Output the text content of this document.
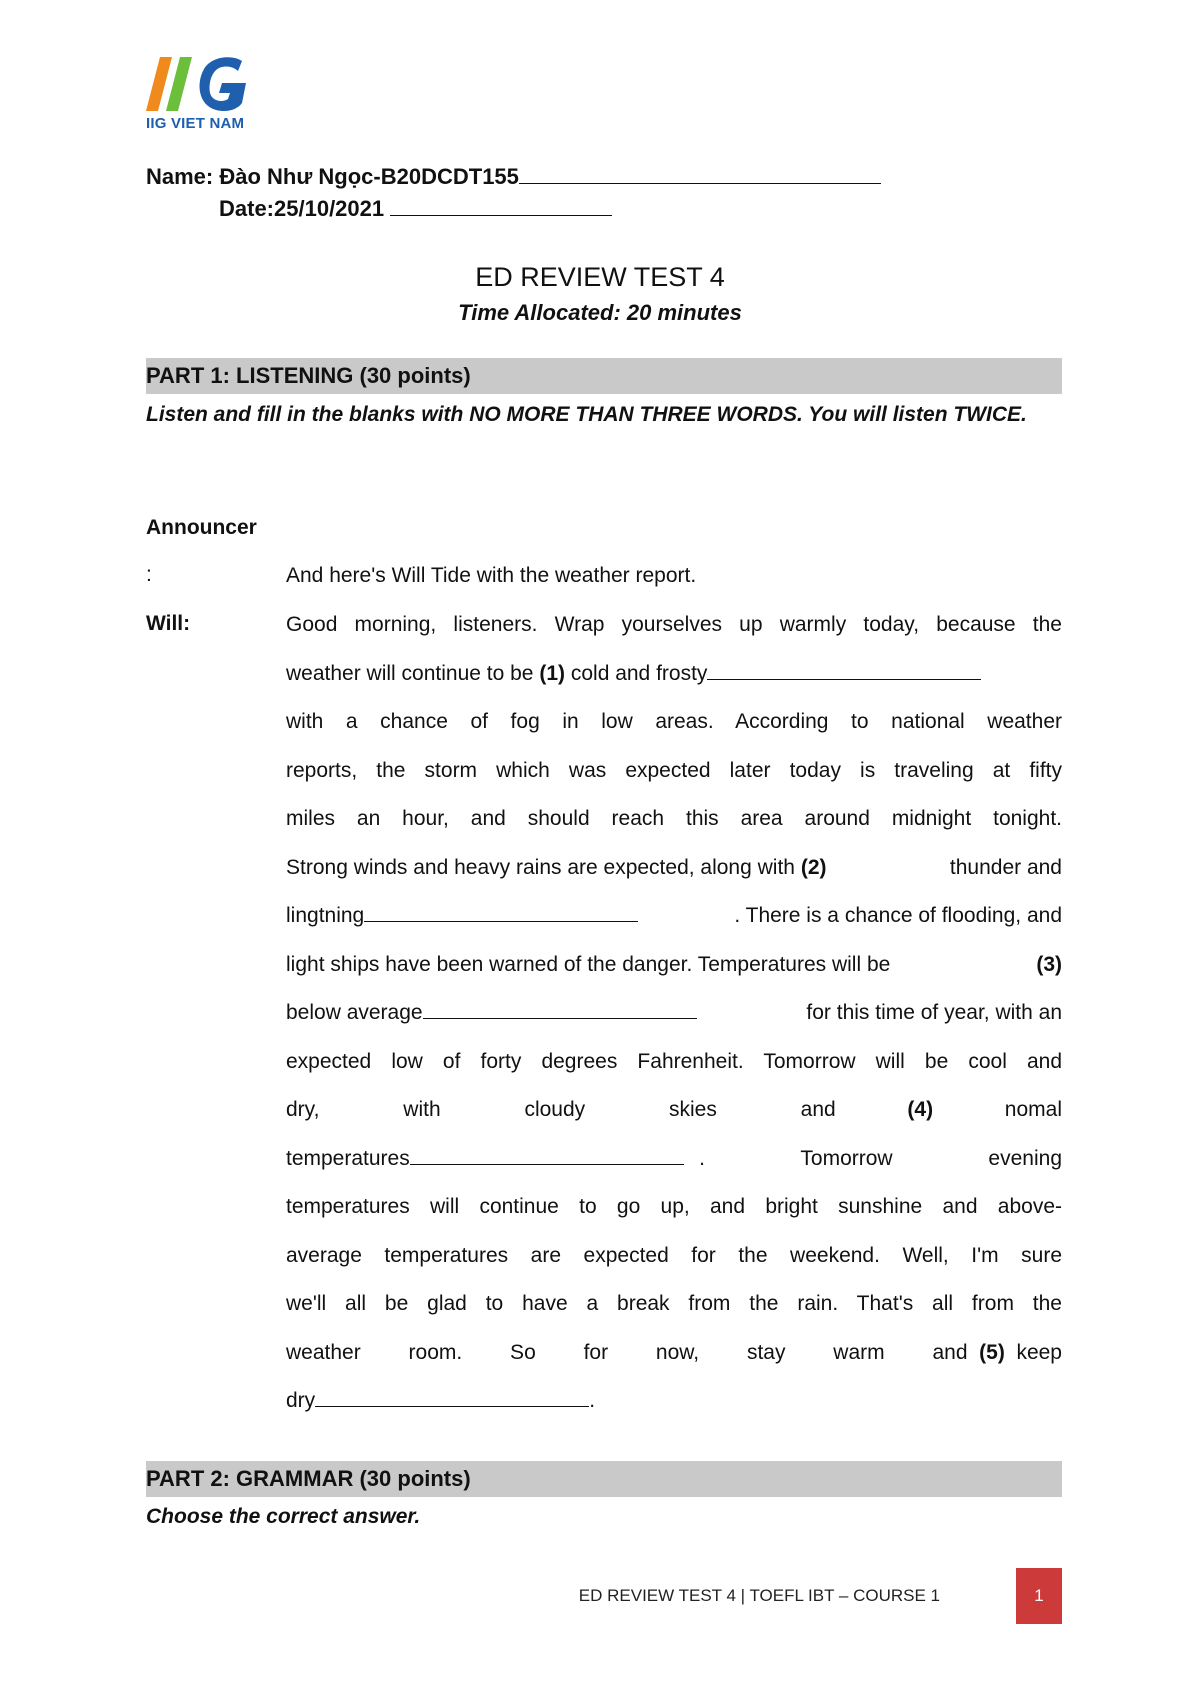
IIG VIET NAM
Name: Đào Như Ngọc-B20DCDT155
Date:25/10/2021
ED REVIEW TEST 4
Time Allocated: 20 minutes
PART 1: LISTENING (30 points)
Listen and fill in the blanks with NO MORE THAN THREE WORDS. You will listen TWICE.
Announcer
:	And here's Will Tide with the weather report.
Will:	Good morning, listeners. Wrap yourselves up warmly today, because the
weather will continue to be (1) cold and frosty
with a chance of fog in low areas. According to national weather
reports, the storm which was expected later today is traveling at fifty
miles an hour, and should reach this area around midnight tonight.
Strong winds and heavy rains are expected, along with (2)	thunder and
lingtning	. There is a chance of flooding, and
light ships have been warned of the danger. Temperatures will be	(3)
below average	for this time of year, with an
expected low of forty degrees Fahrenheit. Tomorrow will be cool and
dry, with cloudy skies and	(4)	nomal
temperatures	. Tomorrow evening
temperatures will continue to go up, and bright sunshine and above-
average temperatures are expected for the weekend. Well, I'm sure
we'll all be glad to have a break from the rain. That's all from the
weather room. So for now, stay warm and (5) keep
dry	.
PART 2: GRAMMAR (30 points)
Choose the correct answer.
ED REVIEW TEST 4 | TOEFL IBT – COURSE 1	1
